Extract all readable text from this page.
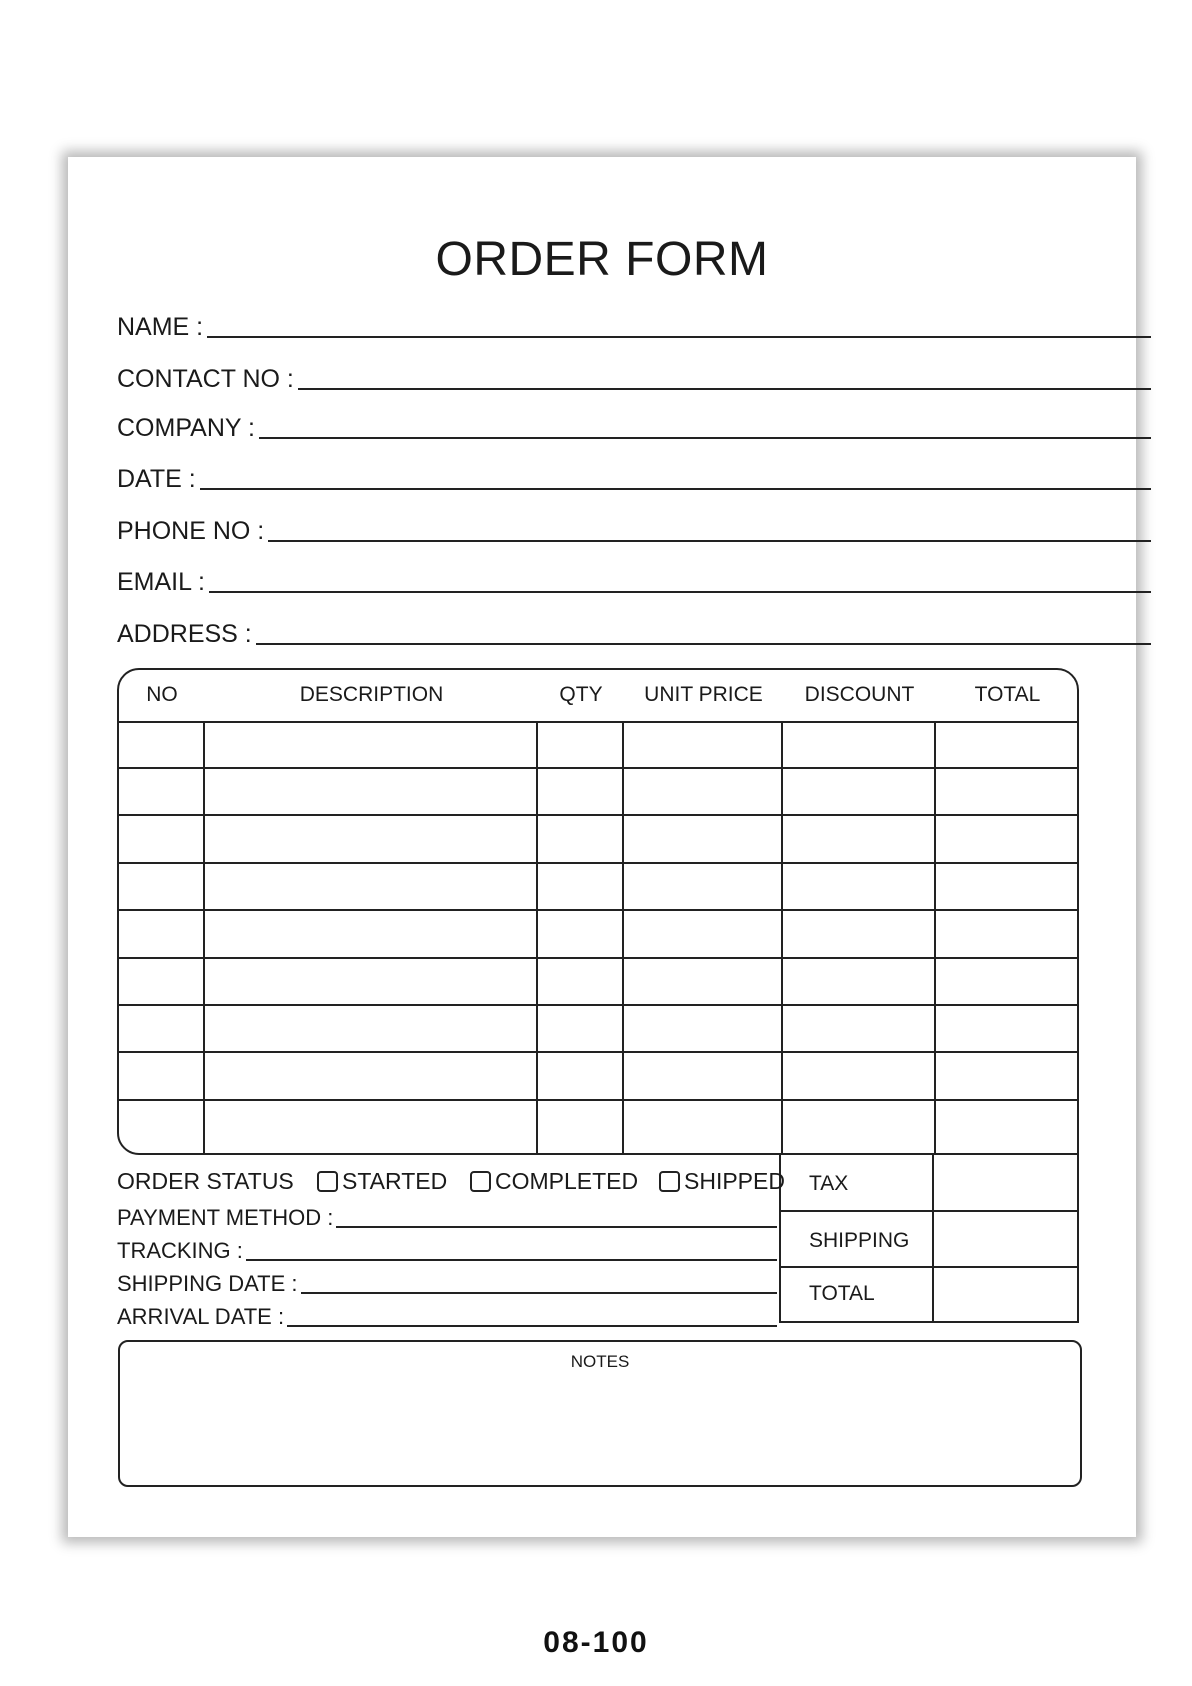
ORDER FORM
NAME :
CONTACT NO :
COMPANY :
DATE :
PHONE NO :
EMAIL :
ADDRESS :
NO	DESCRIPTION	QTY	UNIT PRICE	DISCOUNT	TOTAL
TAX
SHIPPING
TOTAL
ORDER STATUS STARTED COMPLETED SHIPPED
PAYMENT METHOD :
TRACKING :
SHIPPING DATE :
ARRIVAL DATE :
NOTES
08-100
